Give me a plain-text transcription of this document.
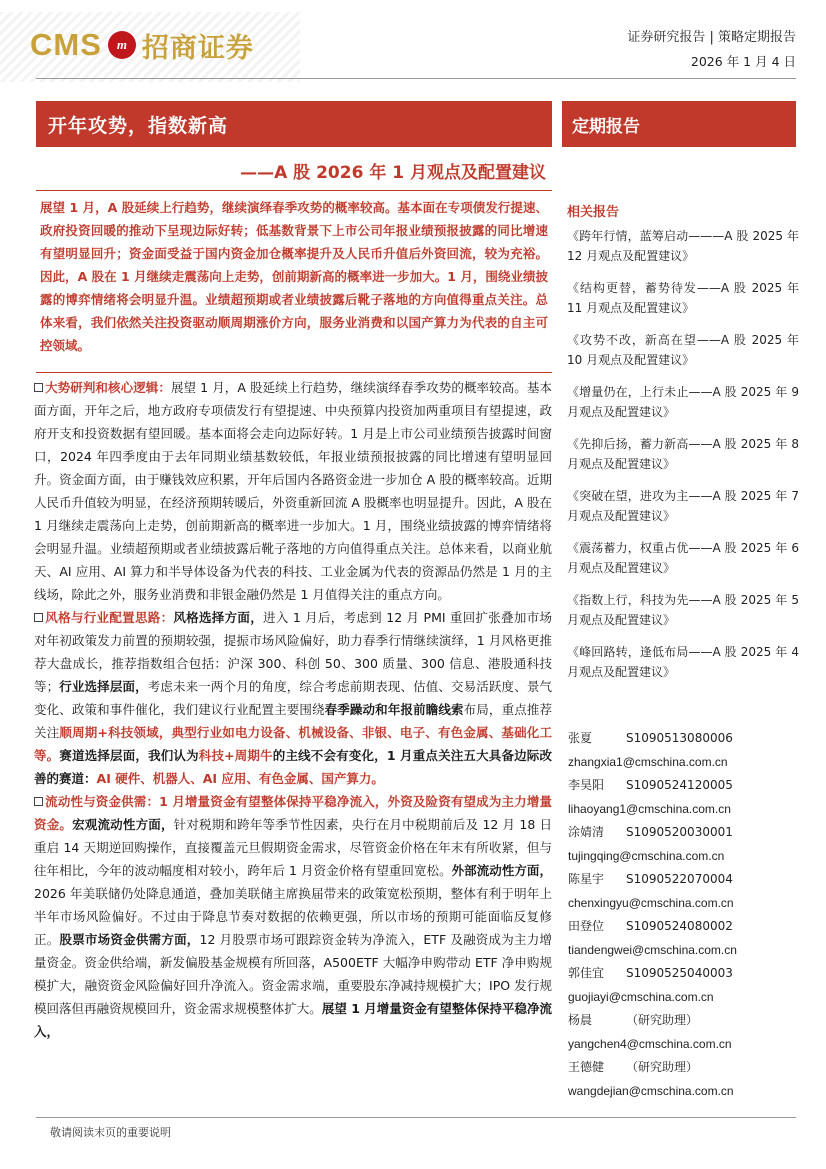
CMS	m 招商证券	证券研究报告 | 策略定期报告
2026 年 1 月 4 日
开年攻势，指数新高	定期报告
——A 股 2026 年 1 月观点及配置建议

展望 1 月，A 股延续上行趋势，继续演绎春季攻势的概率较高。基本面在专项债发行提速、政府投资回暖的推动下呈现边际好转；低基数背景下上市公司年报业绩预报披露的同比增速有望明显回升；资金面受益于国内资金加仓概率提升及人民币升值后外资回流，较为充裕。因此，A 股在 1 月继续走震荡向上走势，创前期新高的概率进一步加大。1 月，围绕业绩披露的博弈情绪将会明显升温。业绩超预期或者业绩披露后靴子落地的方向值得重点关注。总体来看，我们依然关注投资驱动顺周期涨价方向，服务业消费和以国产算力为代表的自主可控领域。

大势研判和核心逻辑：展望 1 月，A 股延续上行趋势，继续演绎春季攻势的概率较高。基本面方面，开年之后，地方政府专项债发行有望提速、中央预算内投资加两重项目有望提速，政府开支和投资数据有望回暖。基本面将会走向边际好转。1 月是上市公司业绩预告披露时间窗口，2024 年四季度由于去年同期业绩基数较低，年报业绩预报披露的同比增速有望明显回升。资金面方面，由于赚钱效应积累，开年后国内各路资金进一步加仓 A 股的概率较高。近期人民币升值较为明显，在经济预期转暖后，外资重新回流 A 股概率也明显提升。因此，A 股在 1 月继续走震荡向上走势，创前期新高的概率进一步加大。1 月，围绕业绩披露的博弈情绪将会明显升温。业绩超预期或者业绩披露后靴子落地的方向值得重点关注。总体来看，以商业航天、AI 应用、AI 算力和半导体设备为代表的科技、工业金属为代表的资源品仍然是 1 月的主线场，除此之外，服务业消费和非银金融仍然是 1 月值得关注的重点方向。

风格与行业配置思路：风格选择方面，进入 1 月后，考虑到 12 月 PMI 重回扩张叠加市场对年初政策发力前置的预期较强，提振市场风险偏好，助力春季行情继续演绎，1 月风格更推荐大盘成长，推荐指数组合包括：沪深 300、科创 50、300 质量、300 信息、港股通科技等；行业选择层面，考虑未来一两个月的角度，综合考虑前期表现、估值、交易活跃度、景气变化、政策和事件催化，我们建议行业配置主要围绕春季躁动和年报前瞻线索布局，重点推荐关注顺周期+科技领域，典型行业如电力设备、机械设备、非银、电子、有色金属、基础化工等。赛道选择层面，我们认为科技+周期牛的主线不会有变化，1 月重点关注五大具备边际改善的赛道：AI 硬件、机器人、AI 应用、有色金属、国产算力。

流动性与资金供需：1 月增量资金有望整体保持平稳净流入，外资及险资有望成为主力增量资金。宏观流动性方面，针对税期和跨年等季节性因素，央行在月中税期前后及 12 月 18 日重启 14 天期逆回购操作，直接覆盖元旦假期资金需求，尽管资金价格在年末有所收紧，但与往年相比，今年的波动幅度相对较小，跨年后 1 月资金价格有望重回宽松。外部流动性方面，2026 年美联储仍处降息通道，叠加美联储主席换届带来的政策宽松预期，整体有利于明年上半年市场风险偏好。不过由于降息节奏对数据的依赖更强，所以市场的预期可能面临反复修正。股票市场资金供需方面，12 月股票市场可跟踪资金转为净流入，ETF 及融资成为主力增量资金。资金供给端，新发偏股基金规模有所回落，A500ETF 大幅净申购带动 ETF 净申购规模扩大，融资资金风险偏好回升净流入。资金需求端，重要股东净减持规模扩大；IPO 发行规模回落但再融资规模回升，资金需求规模整体扩大。展望 1 月增量资金有望整体保持平稳净流入，

相关报告

《跨年行情，蓝筹启动———A 股 2025 年 12 月观点及配置建议》

《结构更替，蓄势待发——A 股 2025 年 11 月观点及配置建议》

《攻势不改，新高在望——A 股 2025 年 10 月观点及配置建议》

《增量仍在，上行未止——A 股 2025 年 9 月观点及配置建议》

《先抑后扬，蓄力新高——A 股 2025 年 8 月观点及配置建议》

《突破在望，进攻为主——A 股 2025 年 7 月观点及配置建议》

《震荡蓄力，权重占优——A 股 2025 年 6 月观点及配置建议》

《指数上行，科技为先——A 股 2025 年 5 月观点及配置建议》

《峰回路转，逢低布局——A 股 2025 年 4 月观点及配置建议》

张夏	S1090513080006
zhangxia1@cmschina.com.cn
李昊阳 S1090524120005
lihaoyang1@cmschina.com.cn
涂婧清 S1090520030001
tujingqing@cmschina.com.cn
陈星宇 S1090522070004
chenxingyu@cmschina.com.cn
田登位 S1090524080002
tiandengwei@cmschina.com.cn
郭佳宜 S1090525040003
guojiayi@cmschina.com.cn
杨晨	（研究助理）
yangchen4@cmschina.com.cn
王德健 （研究助理）
wangdejian@cmschina.com.cn
敬请阅读末页的重要说明
